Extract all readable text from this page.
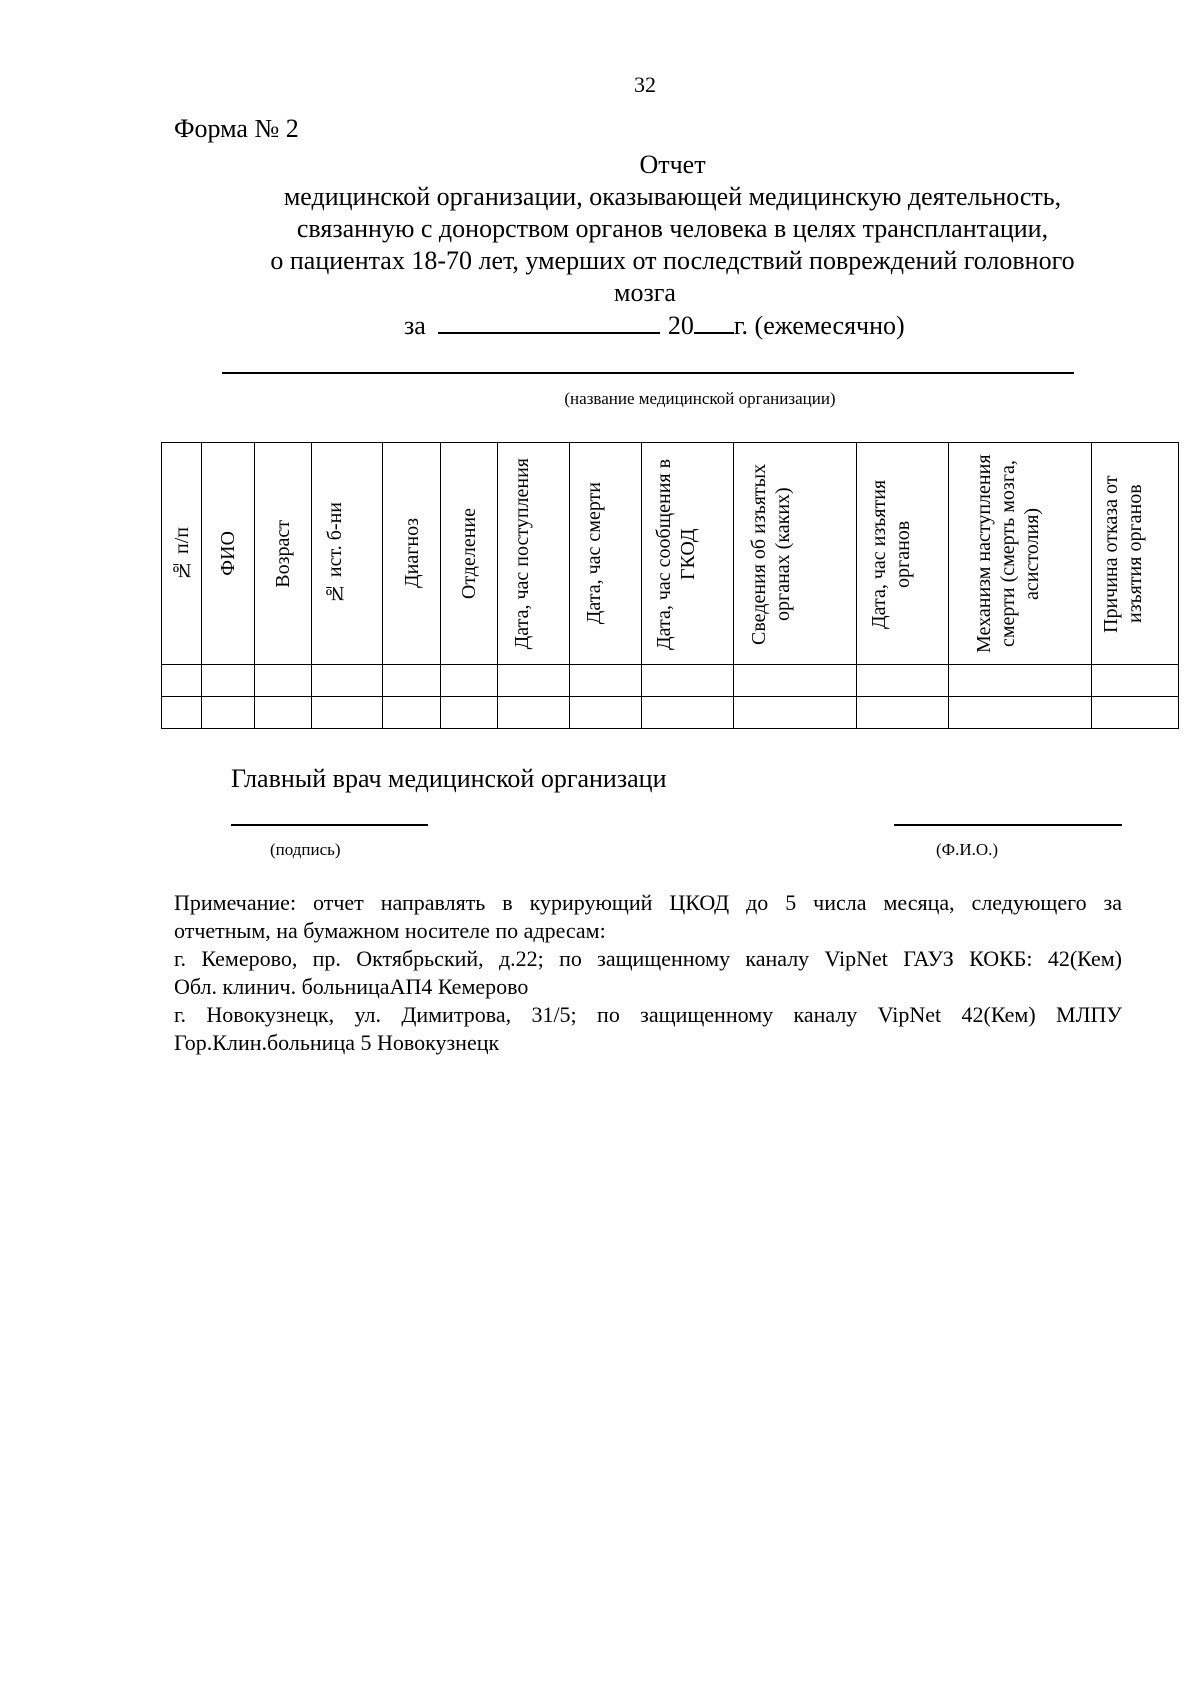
32
Форма № 2
Отчет
медицинской организации, оказывающей медицинскую деятельность,
связанную с донорством органов человека в целях трансплантации,
о пациентах 18-70 лет, умерших от последствий повреждений головного
мозга
за	20 г. (ежемесячно)
(название медицинской организации)
№ п/п	ФИО	Возраст	№ ист. б-ни	Диагноз	Отделение	Дата, час поступления	Дата, час смерти	Дата, час сообщения в ГКОД	Сведения об изъятых органах (каких)	Дата, час изъятия органов	Механизм наступления смерти (смерть мозга, асистолия)	Причина отказа от изъятия органов

Главный врач медицинской организаци
(подпись)	(Ф.И.О.)

Примечание: отчет направлять в курирующий ЦКОД до 5 числа месяца, следующего за

отчетным, на бумажном носителе по адресам:

г. Кемерово, пр. Октябрьский, д.22; по защищенному каналу VipNet ГАУЗ КОКБ: 42(Кем)

Обл. клинич. больницаАП4 Кемерово

г. Новокузнецк, ул. Димитрова, 31/5; по защищенному каналу VipNet 42(Кем) МЛПУ

Гор.Клин.больница 5 Новокузнецк
